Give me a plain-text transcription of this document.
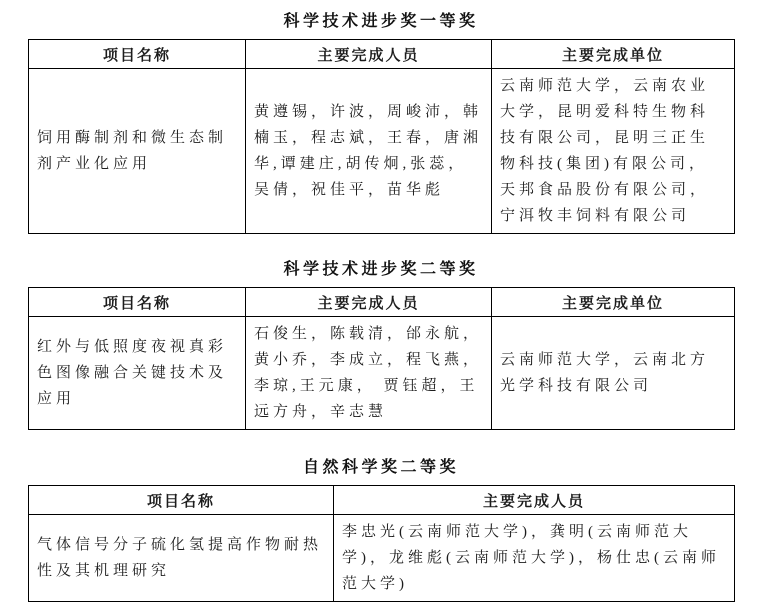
科学技术进步奖一等奖
项目名称	主要完成人员	主要完成单位
饲用酶制剂和微生态制剂产业化应用	黄遵锡，许波，周峻沛，韩楠玉，程志斌，王春，唐湘华,谭建庄,胡传炯,张蕊，吴倩，祝佳平，苗华彪	云南师范大学，云南农业大学，昆明爱科特生物科技有限公司，昆明三正生物科技(集团)有限公司，天邦食品股份有限公司，宁洱牧丰饲料有限公司
科学技术进步奖二等奖
项目名称	主要完成人员	主要完成单位
红外与低照度夜视真彩色图像融合关键技术及应用	石俊生，陈载清，邰永航，黄小乔，李成立，程飞燕，李琼,王元康， 贾钰超，王远方舟，辛志慧	云南师范大学，云南北方光学科技有限公司
自然科学奖二等奖
项目名称	主要完成人员
气体信号分子硫化氢提高作物耐热性及其机理研究	李忠光(云南师范大学)，龚明(云南师范大学)，龙维彪(云南师范大学)，杨仕忠(云南师范大学)
